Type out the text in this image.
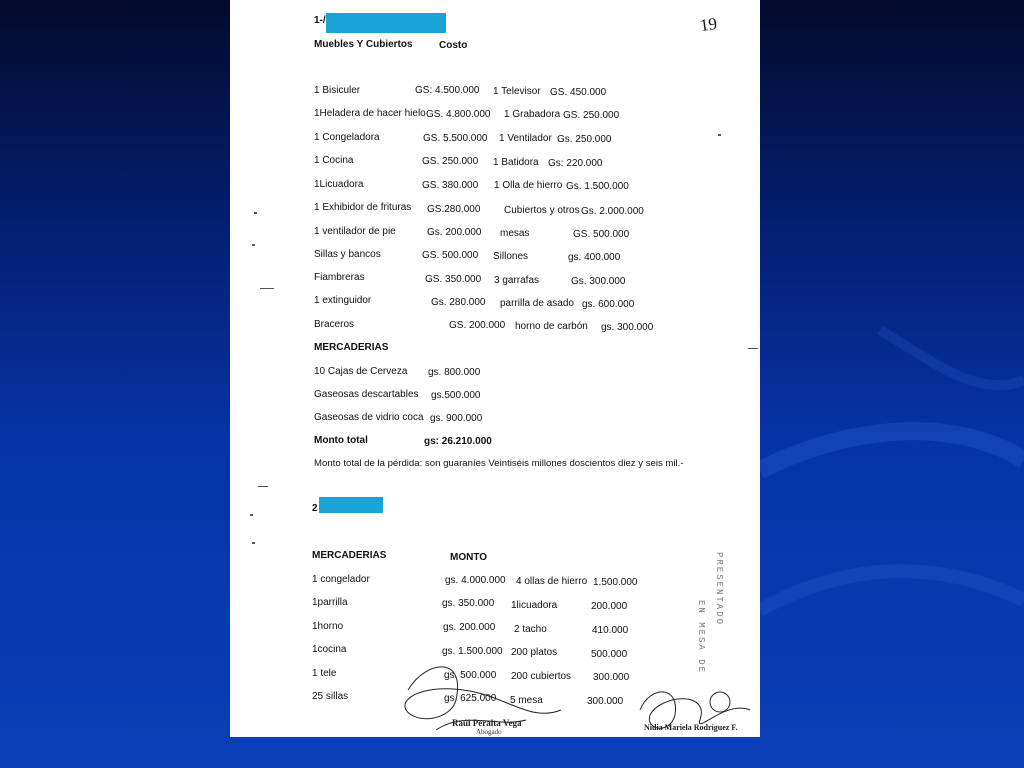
19
1-/
Muebles Y Cubiertos	Costo
1 Bisiculer	GS: 4.500.000 1 Televisor GS. 450.000
1Heladera de hacer hielo GS. 4.800.000 1 Grabadora GS. 250.000
1 Congeladora	GS. 5.500.000 1 Ventilador Gs. 250.000
1 Cocina	GS. 250.000 1 Batidora Gs: 220.000
1Licuadora	GS. 380.000 1 Olla de hierro Gs. 1.500.000
1 Exhibidor de frituras GS.280.000 Cubiertos y otros Gs. 2.000.000
1 ventilador de pie	Gs. 200.000 mesas	GS. 500.000
Sillas y bancos	GS. 500.000 Sillones	gs. 400.000
Fiambreras	GS. 350.000 3 garrafas	Gs. 300.000
1 extinguidor	Gs. 280.000 parrilla de asado gs. 600.000
Braceros	GS. 200.000 horno de carbón gs. 300.000
MERCADERIAS
10 Cajas de Cerveza gs. 800.000
Gaseosas descartables gs.500.000
Gaseosas de vidrio coca gs. 900.000
Monto total	gs: 26.210.000
Monto total de la pérdida: son guaraníes Veintiséis millones doscientos diez y seis mil.-
2
MERCADERIAS	MONTO
1 congelador	gs. 4.000.000 4 ollas de hierro 1.500.000
1parrilla	gs. 350.000 1licuadora	200.000
1horno	gs. 200.000 2 tacho	410.000
1cocina	gs. 1.500.000 200 platos	500.000
1 tele	gs. 500.000 200 cubiertos 300.000
25 sillas	gs. 625.000 5 mesa	300.000
PRESENTADO
EN MESA DE
Raúl Peralta Vega
Abogado	Nidia Mariela Rodríguez F.
